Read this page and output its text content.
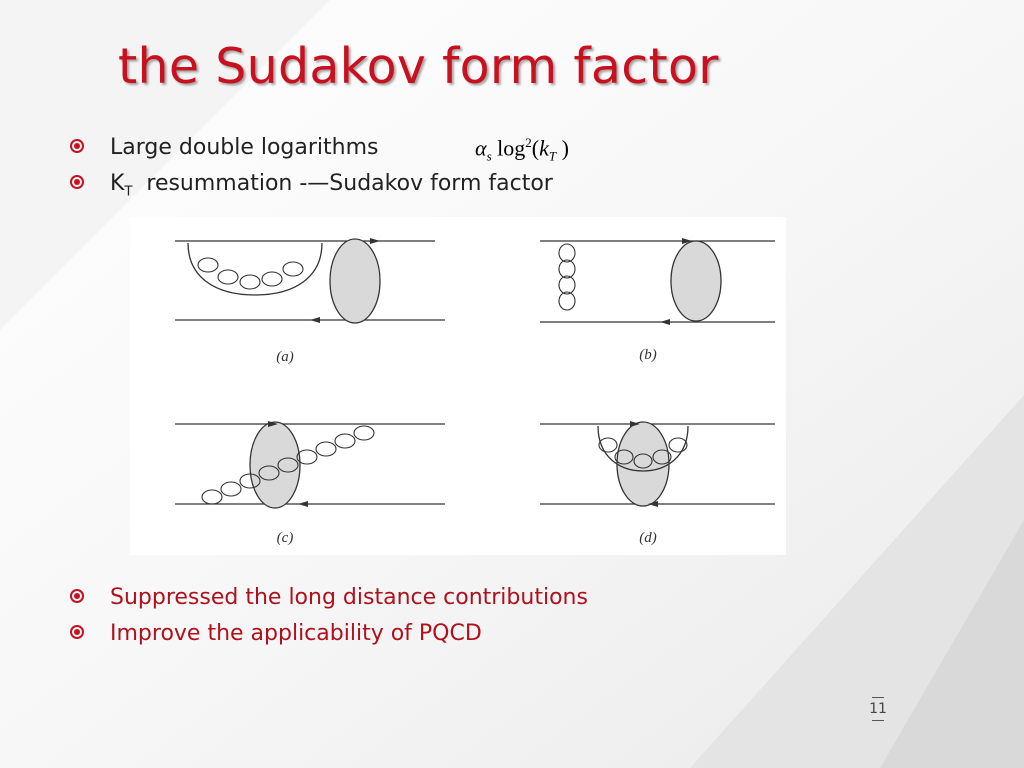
the Sudakov form factor
Large double logarithms
$K_T$  resummation -—Sudakov form factor
$\alpha_s$ $\log^2(k_T$ )
(a)	(b)
(c)	(d)
Suppressed the long distance contributions
Improve the applicability of PQCD
11
